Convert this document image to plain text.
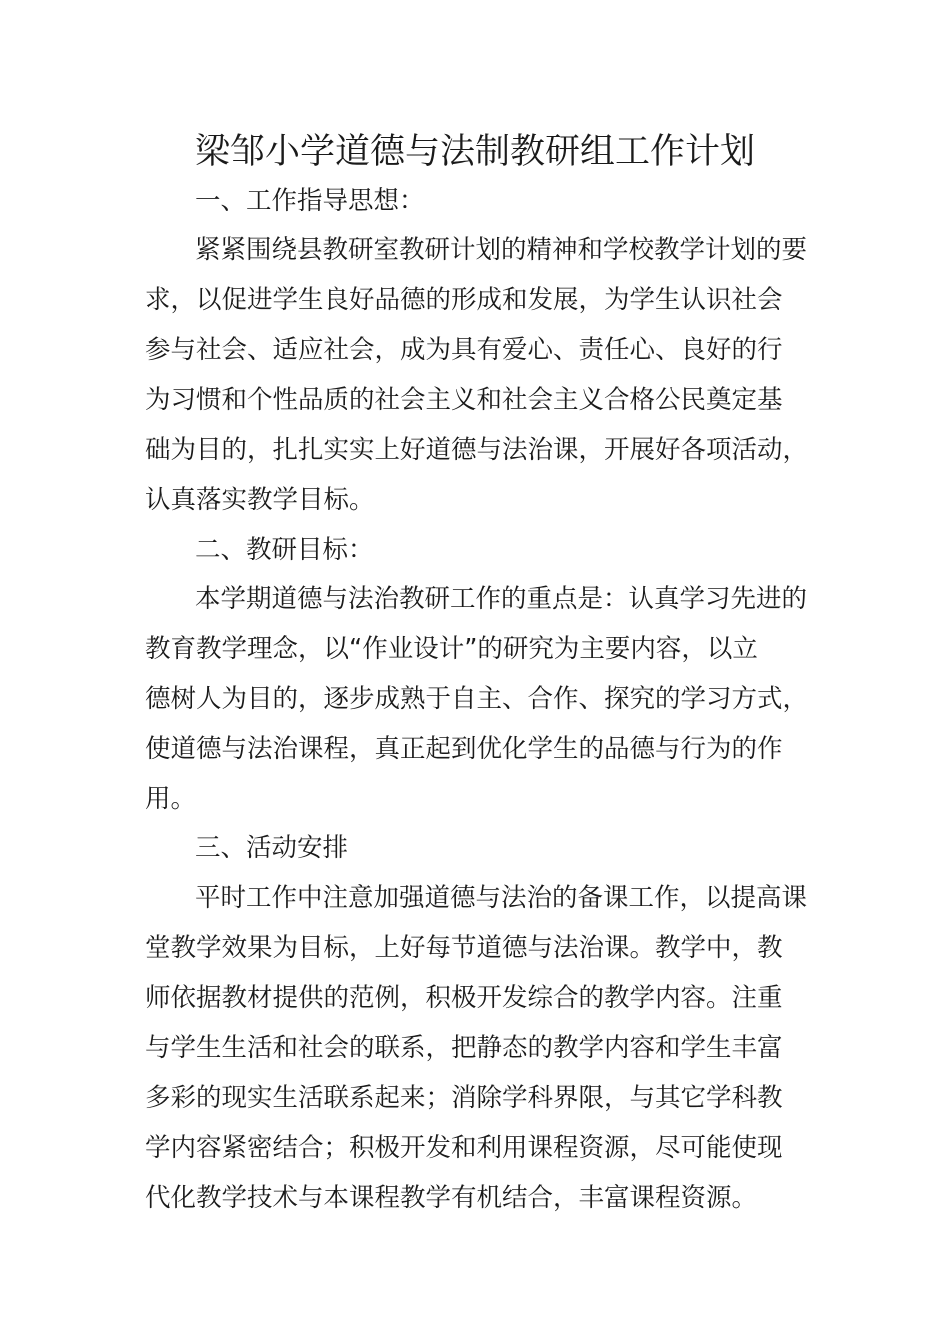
梁邹小学道德与法制教研组工作计划

一、工作指导思想：

紧紧围绕县教研室教研计划的精神和学校教学计划的要

求，以促进学生良好品德的形成和发展，为学生认识社会

参与社会、适应社会，成为具有爱心、责任心、良好的行

为习惯和个性品质的社会主义和社会主义合格公民奠定基

础为目的，扎扎实实上好道德与法治课，开展好各项活动，

认真落实教学目标。

二、教研目标：

本学期道德与法治教研工作的重点是：认真学习先进的

教育教学理念，以“作业设计”的研究为主要内容，以立

德树人为目的，逐步成熟于自主、合作、探究的学习方式，

使道德与法治课程，真正起到优化学生的品德与行为的作

用。

三、活动安排

平时工作中注意加强道德与法治的备课工作，以提高课

堂教学效果为目标，上好每节道德与法治课。教学中，教

师依据教材提供的范例，积极开发综合的教学内容。注重

与学生生活和社会的联系，把静态的教学内容和学生丰富

多彩的现实生活联系起来；消除学科界限，与其它学科教

学内容紧密结合；积极开发和利用课程资源，尽可能使现

代化教学技术与本课程教学有机结合，丰富课程资源。
